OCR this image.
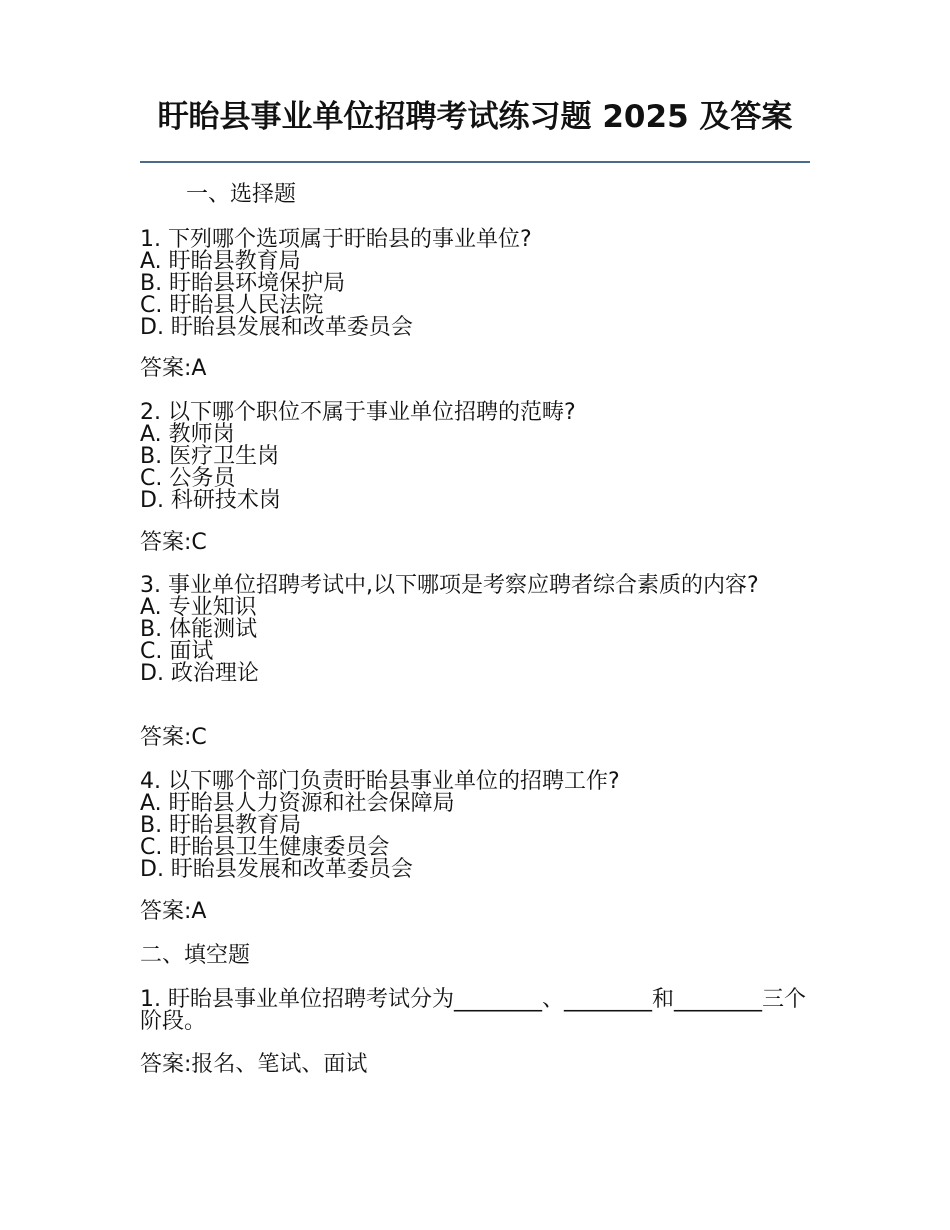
盱眙县事业单位招聘考试练习题 2025 及答案
一、选择题
1. 下列哪个选项属于盱眙县的事业单位?
A. 盱眙县教育局
B. 盱眙县环境保护局
C. 盱眙县人民法院
D. 盱眙县发展和改革委员会
答案:A
2. 以下哪个职位不属于事业单位招聘的范畴?
A. 教师岗
B. 医疗卫生岗
C. 公务员
D. 科研技术岗
答案:C
3. 事业单位招聘考试中,以下哪项是考察应聘者综合素质的内容?
A. 专业知识
B. 体能测试
C. 面试
D. 政治理论
答案:C
4. 以下哪个部门负责盱眙县事业单位的招聘工作?
A. 盱眙县人力资源和社会保障局
B. 盱眙县教育局
C. 盱眙县卫生健康委员会
D. 盱眙县发展和改革委员会
答案:A
二、填空题
1. 盱眙县事业单位招聘考试分为________、________和________三个阶段。
答案:报名、笔试、面试
